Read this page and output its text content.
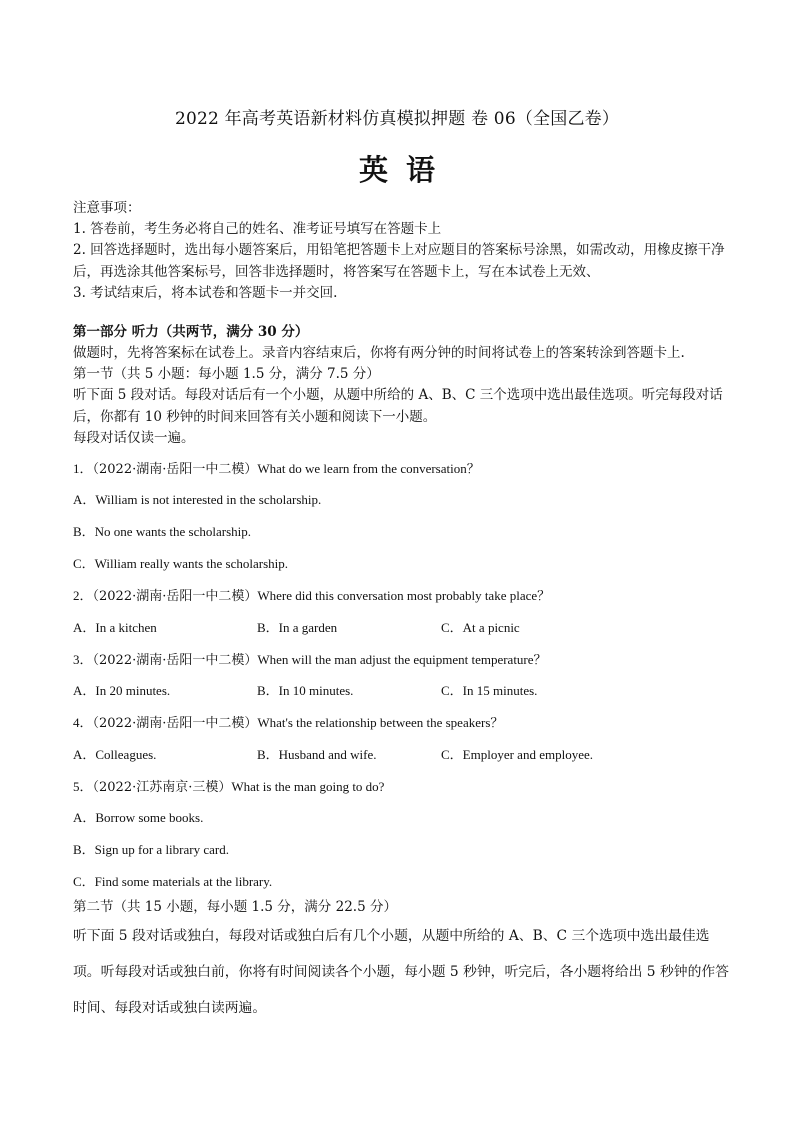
2022 年高考英语新材料仿真模拟押题 卷 06（全国乙卷）
英语
注意事项：
1. 答卷前，考生务必将自己的姓名、准考证号填写在答题卡上
2. 回答选择题时，选出每小题答案后，用铅笔把答题卡上对应题目的答案标号涂黑，如需改动，用橡皮擦干净后，再选涂其他答案标号，回答非选择题时，将答案写在答题卡上，写在本试卷上无效、
3. 考试结束后，将本试卷和答题卡一并交回.
第一部分 听力（共两节，满分 30 分）
做题时，先将答案标在试卷上。录音内容结束后，你将有两分钟的时间将试卷上的答案转涂到答题卡上.
第一节（共 5 小题：每小题 1.5 分，满分 7.5 分）
听下面 5 段对话。每段对话后有一个小题，从题中所给的 A、B、C 三个选项中选出最佳选项。听完每段对话后，你都有 10 秒钟的时间来回答有关小题和阅读下一小题。
每段对话仅读一遍。
1．（2022·湖南·岳阳一中二模）What do we learn from the conversation？
A．William is not interested in the scholarship.
B．No one wants the scholarship.
C．William really wants the scholarship.
2．（2022·湖南·岳阳一中二模）Where did this conversation most probably take place？
A．In a kitchen	B．In a garden	C．At a picnic
3．（2022·湖南·岳阳一中二模）When will the man adjust the equipment temperature？
A．In 20 minutes.	B．In 10 minutes.	C．In 15 minutes.
4．（2022·湖南·岳阳一中二模）What's the relationship between the speakers？
A．Colleagues.	B．Husband and wife.	C．Employer and employee.
5．（2022·江苏南京·三模）What is the man going to do?
A．Borrow some books.
B．Sign up for a library card.
C．Find some materials at the library.
第二节（共 15 小题，每小题 1.5 分，满分 22.5 分）
听下面 5 段对话或独白，每段对话或独白后有几个小题，从题中所给的 A、B、C 三个选项中选出最佳选项。听每段对话或独白前，你将有时间阅读各个小题，每小题 5 秒钟，听完后，各小题将给出 5 秒钟的作答时间、每段对话或独白读两遍。
